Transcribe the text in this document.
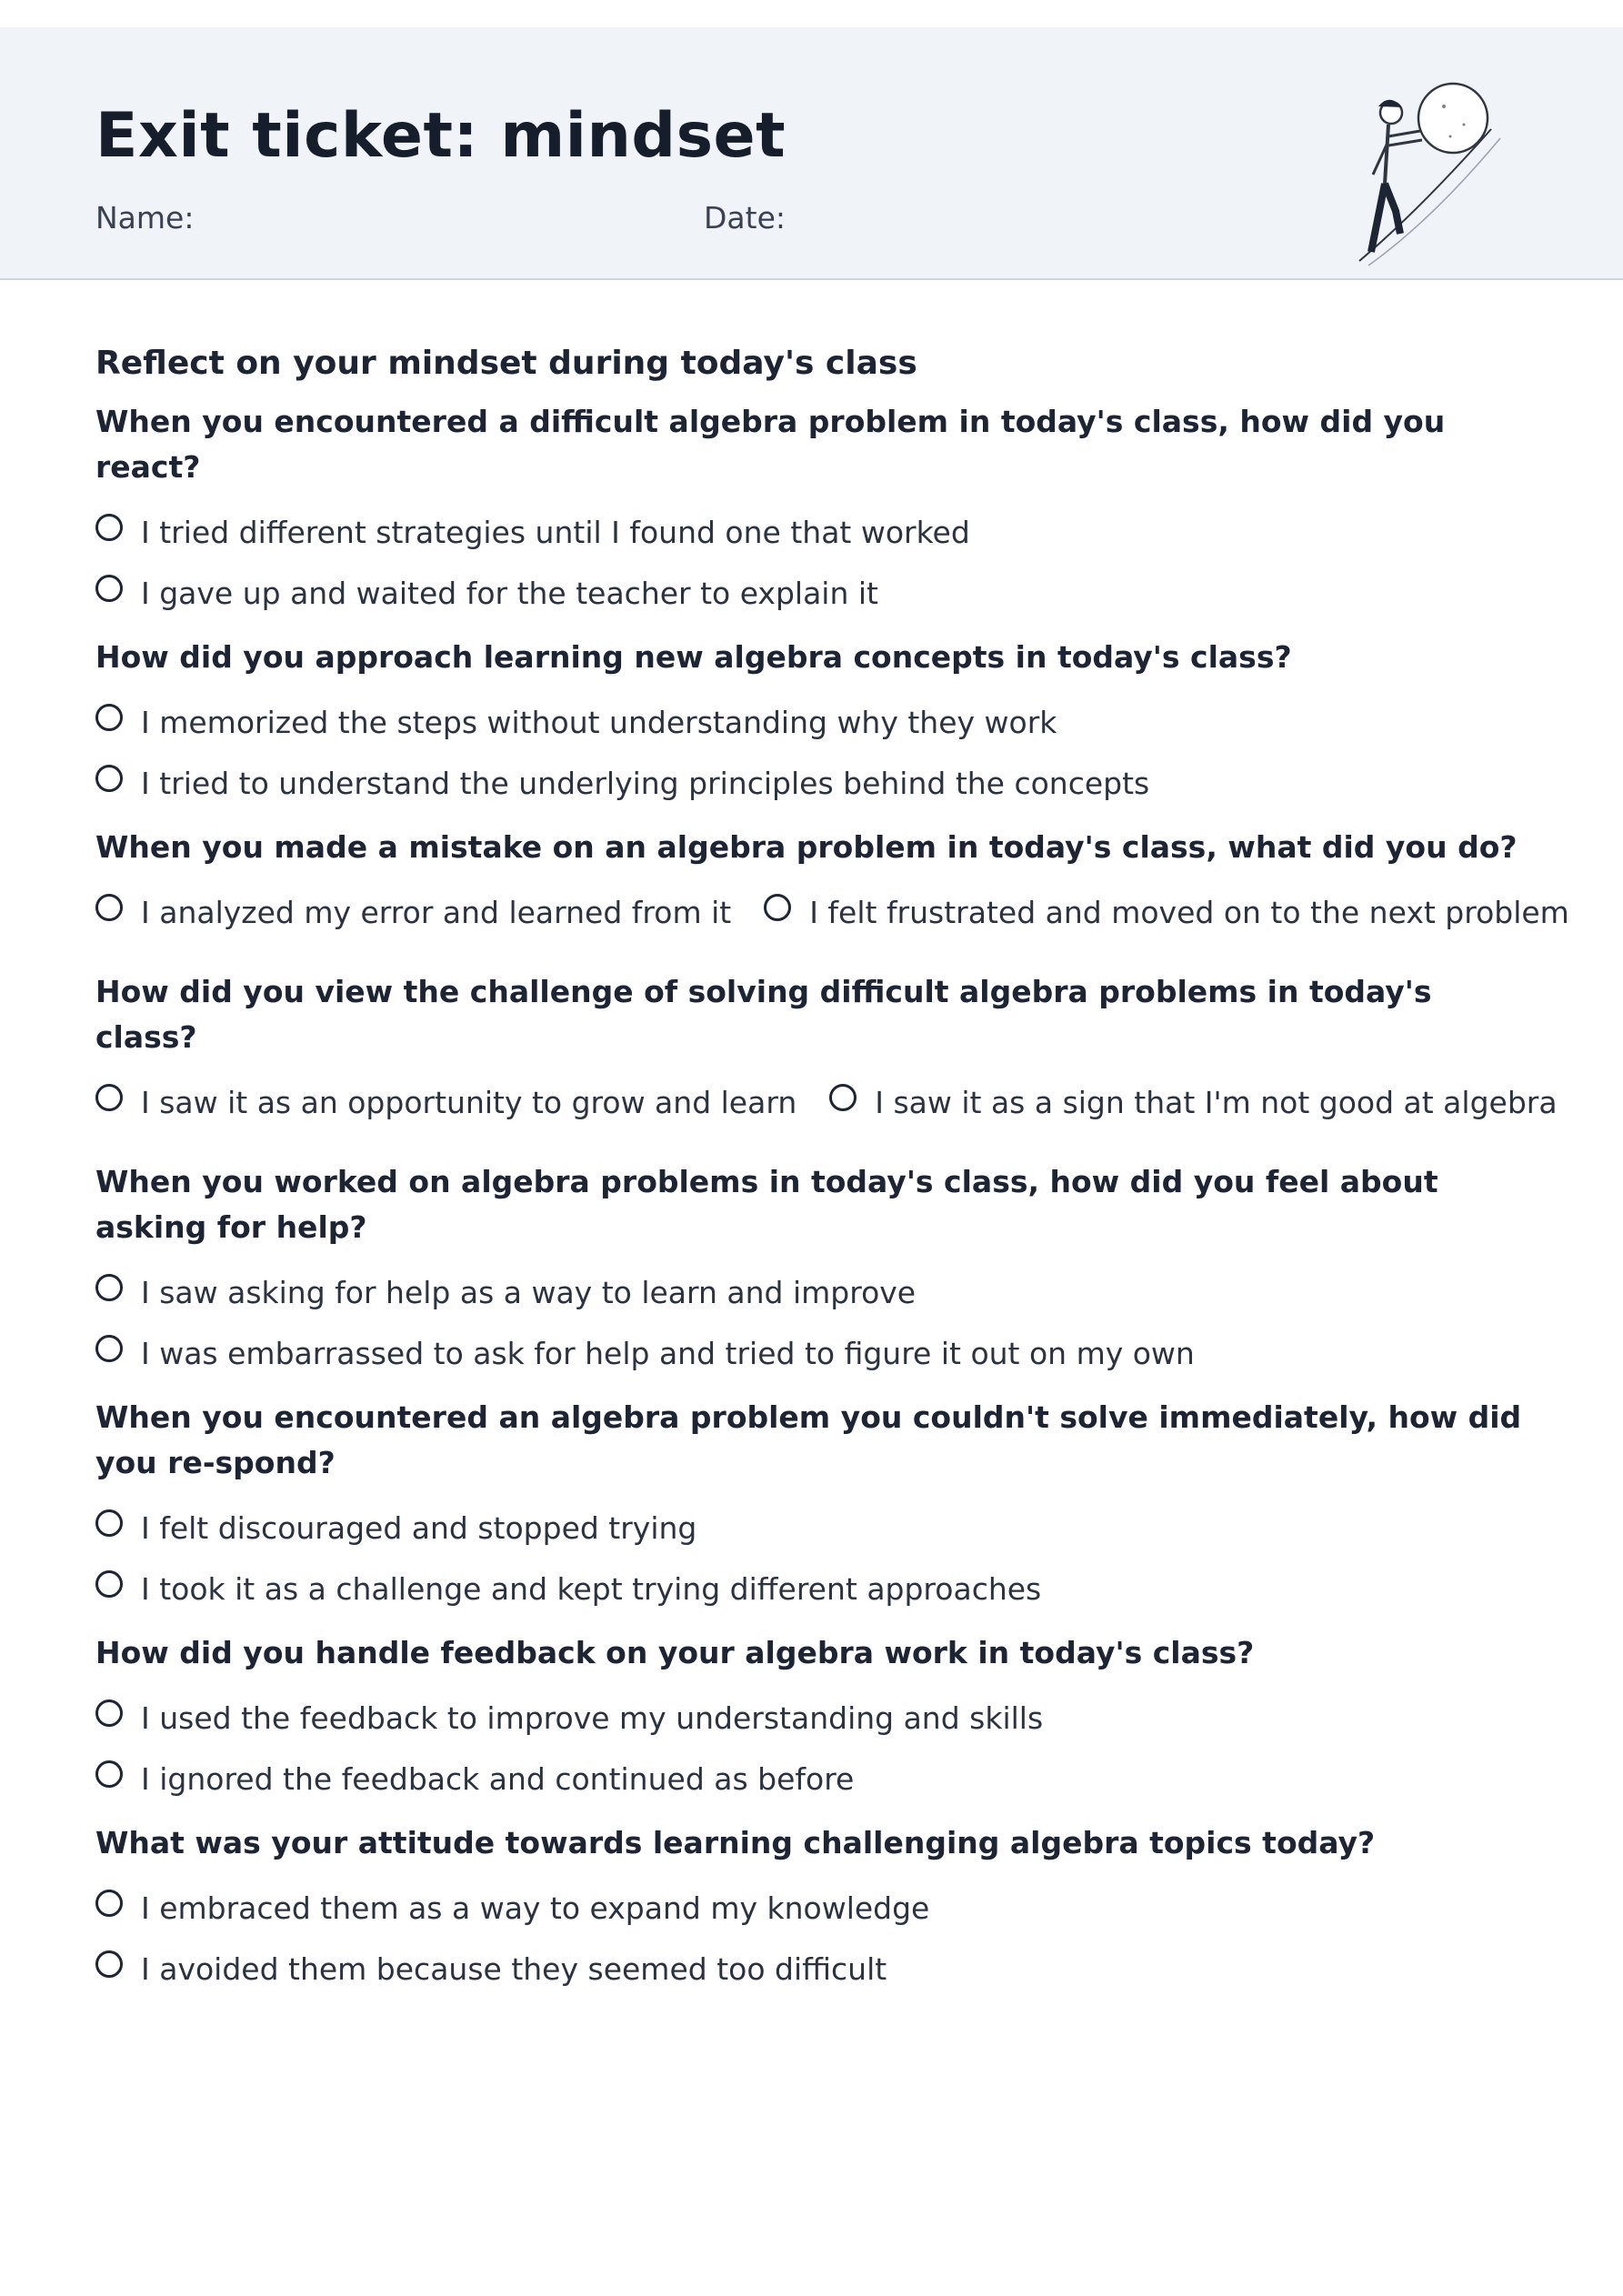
Exit ticket: mindset
Name:	Date:
Reflect on your mindset during today's class

When you encountered a difficult algebra problem in today's class, how did you react?

I tried different strategies until I found one that worked
I gave up and waited for the teacher to explain it

How did you approach learning new algebra concepts in today's class?

I memorized the steps without understanding why they work
I tried to understand the underlying principles behind the concepts

When you made a mistake on an algebra problem in today's class, what did you do?

I analyzed my error and learned from it	I felt frustrated and moved on to the next problem

How did you view the challenge of solving difficult algebra problems in today's class?

I saw it as an opportunity to grow and learn	I saw it as a sign that I'm not good at algebra

When you worked on algebra problems in today's class, how did you feel about asking for help?

I saw asking for help as a way to learn and improve
I was embarrassed to ask for help and tried to figure it out on my own

When you encountered an algebra problem you couldn't solve immediately, how did you re-spond?

I felt discouraged and stopped trying
I took it as a challenge and kept trying different approaches

How did you handle feedback on your algebra work in today's class?

I used the feedback to improve my understanding and skills
I ignored the feedback and continued as before

What was your attitude towards learning challenging algebra topics today?

I embraced them as a way to expand my knowledge
I avoided them because they seemed too difficult
